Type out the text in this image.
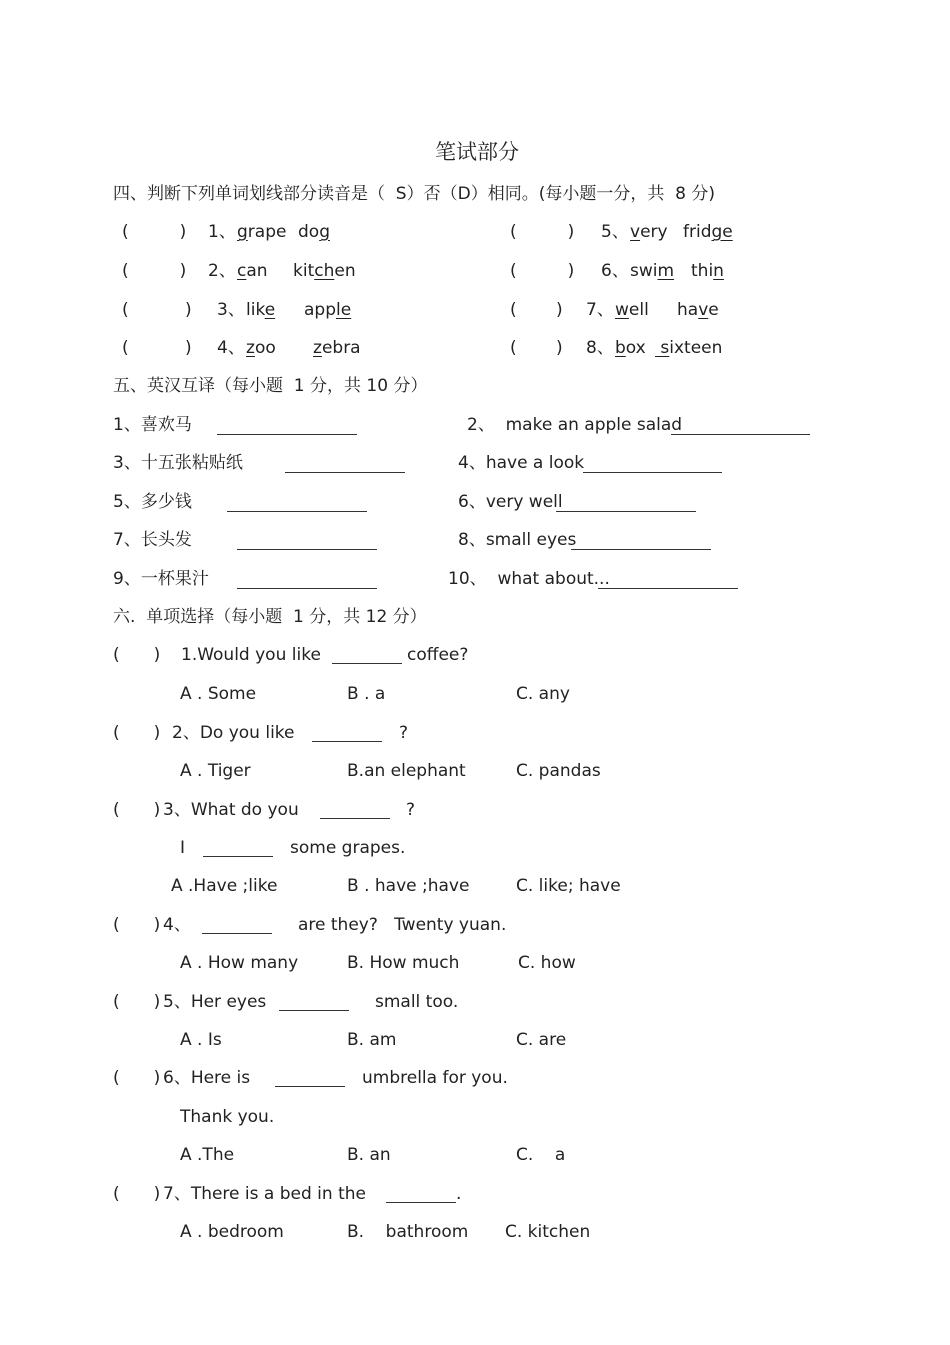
笔试部分
四、判断下列单词划线部分读音是（  S）否（D）相同。(每小题一分，共  8 分)
(　　　) 1、 grape dog
(　　　) 2、 can kitchen
(　　　 ) 3、 like apple
(　　　 ) 4、 zoo zebra
(　　　) 5、 very fridge
(　　　) 6、 swim thin
(　　 ) 7、 well have
(　　 ) 8、 box sixteen
五、英汉互译（每小题  1 分，共 10 分）
1、喜欢马	2、  make an apple salad
3、十五张粘贴纸	4、have a look
5、多少钱	6、very well
7、长头发	8、small eyes
9、一杯果汁	10、  what about...
六.  单项选择（每小题  1 分，共 12 分）
(　　) 1.Would you like	coffee?
A . Some	B . a	C. any
(　　) 2、Do you like	?
A . Tiger	B.an elephant	C. pandas
(　　) 3、What do you	?
I	some grapes.
A .Have ;like	B . have ;have	C. like; have
(　　) 4、	are they?   Twenty yuan.
A . How many	B. How much	C. how
(　　) 5、Her eyes	small too.
A . Is	B. am	C. are
(　　) 6、Here is	umbrella for you.
Thank you.
A .The	B. an	C.    a
(　　) 7、There is a bed in the	.
A . bedroom	B.    bathroom C. kitchen
